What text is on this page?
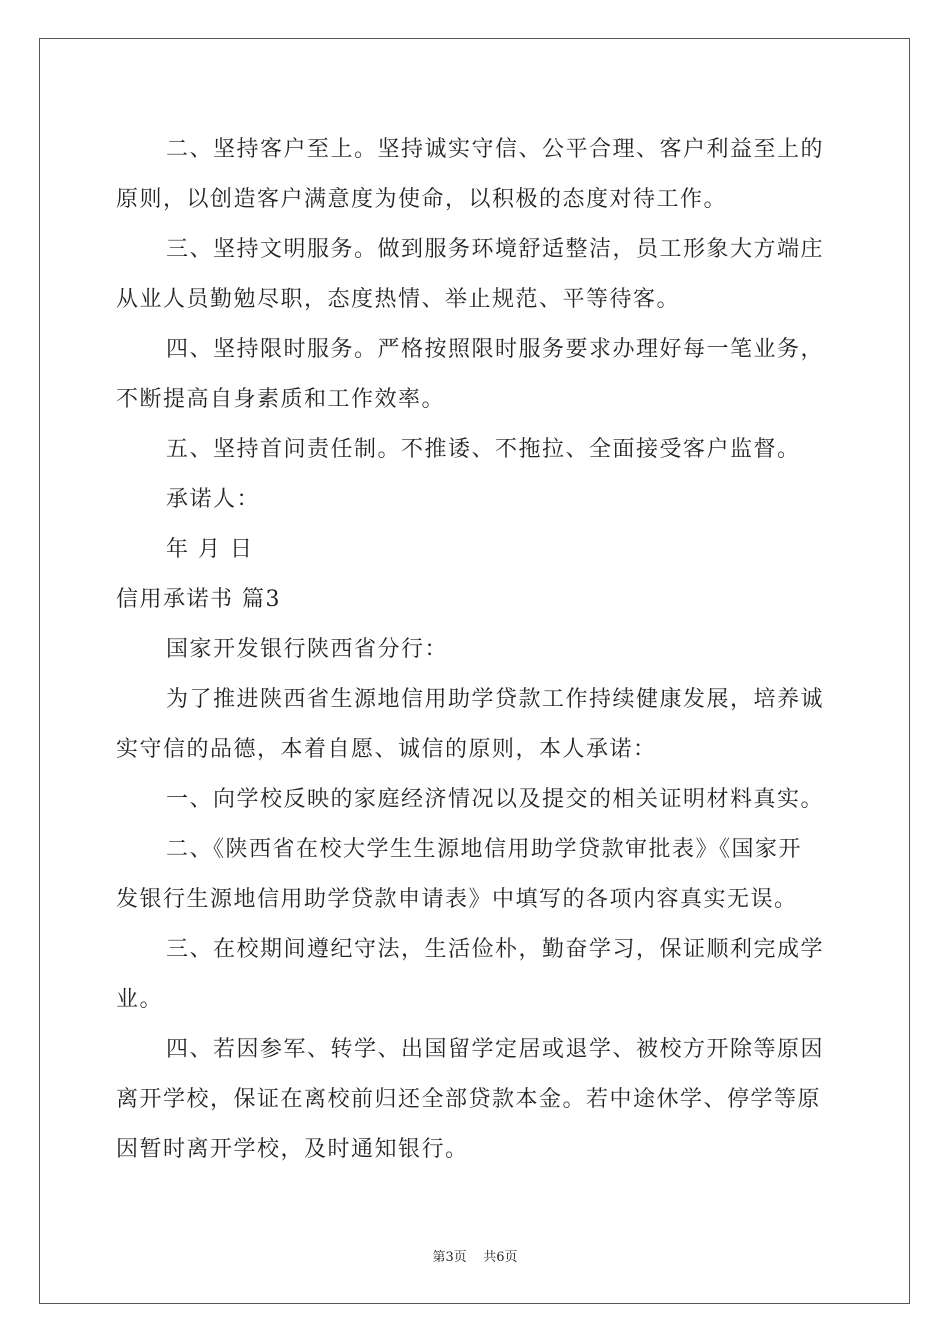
二、坚持客户至上。坚持诚实守信、公平合理、客户利益至上的
原则，以创造客户满意度为使命，以积极的态度对待工作。
三、坚持文明服务。做到服务环境舒适整洁，员工形象大方端庄
从业人员勤勉尽职，态度热情、举止规范、平等待客。
四、坚持限时服务。严格按照限时服务要求办理好每一笔业务，
不断提高自身素质和工作效率。
五、坚持首问责任制。不推诿、不拖拉、全面接受客户监督。
承诺人：
年 月 日
信用承诺书 篇3
国家开发银行陕西省分行：
为了推进陕西省生源地信用助学贷款工作持续健康发展，培养诚
实守信的品德，本着自愿、诚信的原则，本人承诺：
一、向学校反映的家庭经济情况以及提交的相关证明材料真实。
二、《陕西省在校大学生生源地信用助学贷款审批表》《国家开
发银行生源地信用助学贷款申请表》中填写的各项内容真实无误。
三、在校期间遵纪守法，生活俭朴，勤奋学习，保证顺利完成学
业。
四、若因参军、转学、出国留学定居或退学、被校方开除等原因
离开学校，保证在离校前归还全部贷款本金。若中途休学、停学等原
因暂时离开学校，及时通知银行。
第3页    共6页
